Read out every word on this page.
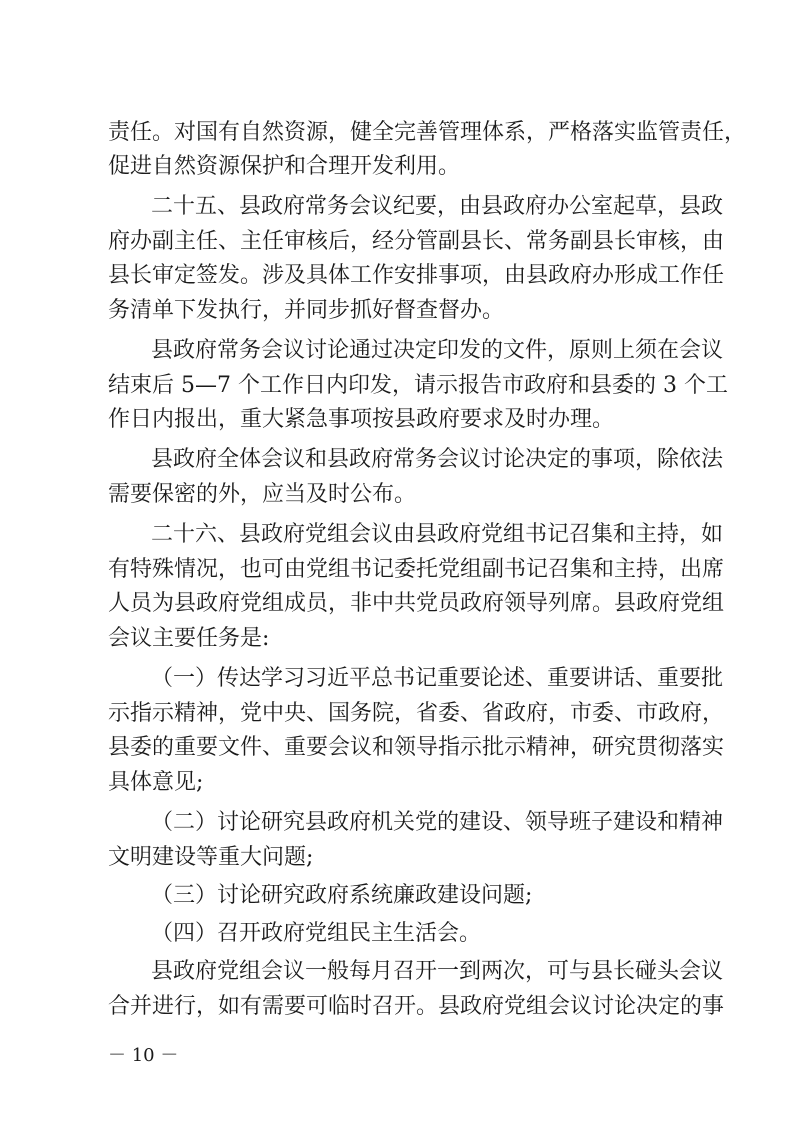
责任。对国有自然资源，健全完善管理体系，严格落实监管责任，
促进自然资源保护和合理开发利用。
二十五、县政府常务会议纪要，由县政府办公室起草，县政
府办副主任、主任审核后，经分管副县长、常务副县长审核，由
县长审定签发。涉及具体工作安排事项，由县政府办形成工作任
务清单下发执行，并同步抓好督查督办。
县政府常务会议讨论通过决定印发的文件，原则上须在会议
结束后 5—7 个工作日内印发，请示报告市政府和县委的 3 个工
作日内报出，重大紧急事项按县政府要求及时办理。
县政府全体会议和县政府常务会议讨论决定的事项，除依法
需要保密的外，应当及时公布。
二十六、县政府党组会议由县政府党组书记召集和主持，如
有特殊情况，也可由党组书记委托党组副书记召集和主持，出席
人员为县政府党组成员，非中共党员政府领导列席。县政府党组
会议主要任务是:
（一）传达学习习近平总书记重要论述、重要讲话、重要批
示指示精神，党中央、国务院，省委、省政府，市委、市政府，
县委的重要文件、重要会议和领导指示批示精神，研究贯彻落实
具体意见;
（二）讨论研究县政府机关党的建设、领导班子建设和精神
文明建设等重大问题;
（三）讨论研究政府系统廉政建设问题;
（四）召开政府党组民主生活会。
县政府党组会议一般每月召开一到两次，可与县长碰头会议
合并进行，如有需要可临时召开。县政府党组会议讨论决定的事
－ 10 －
